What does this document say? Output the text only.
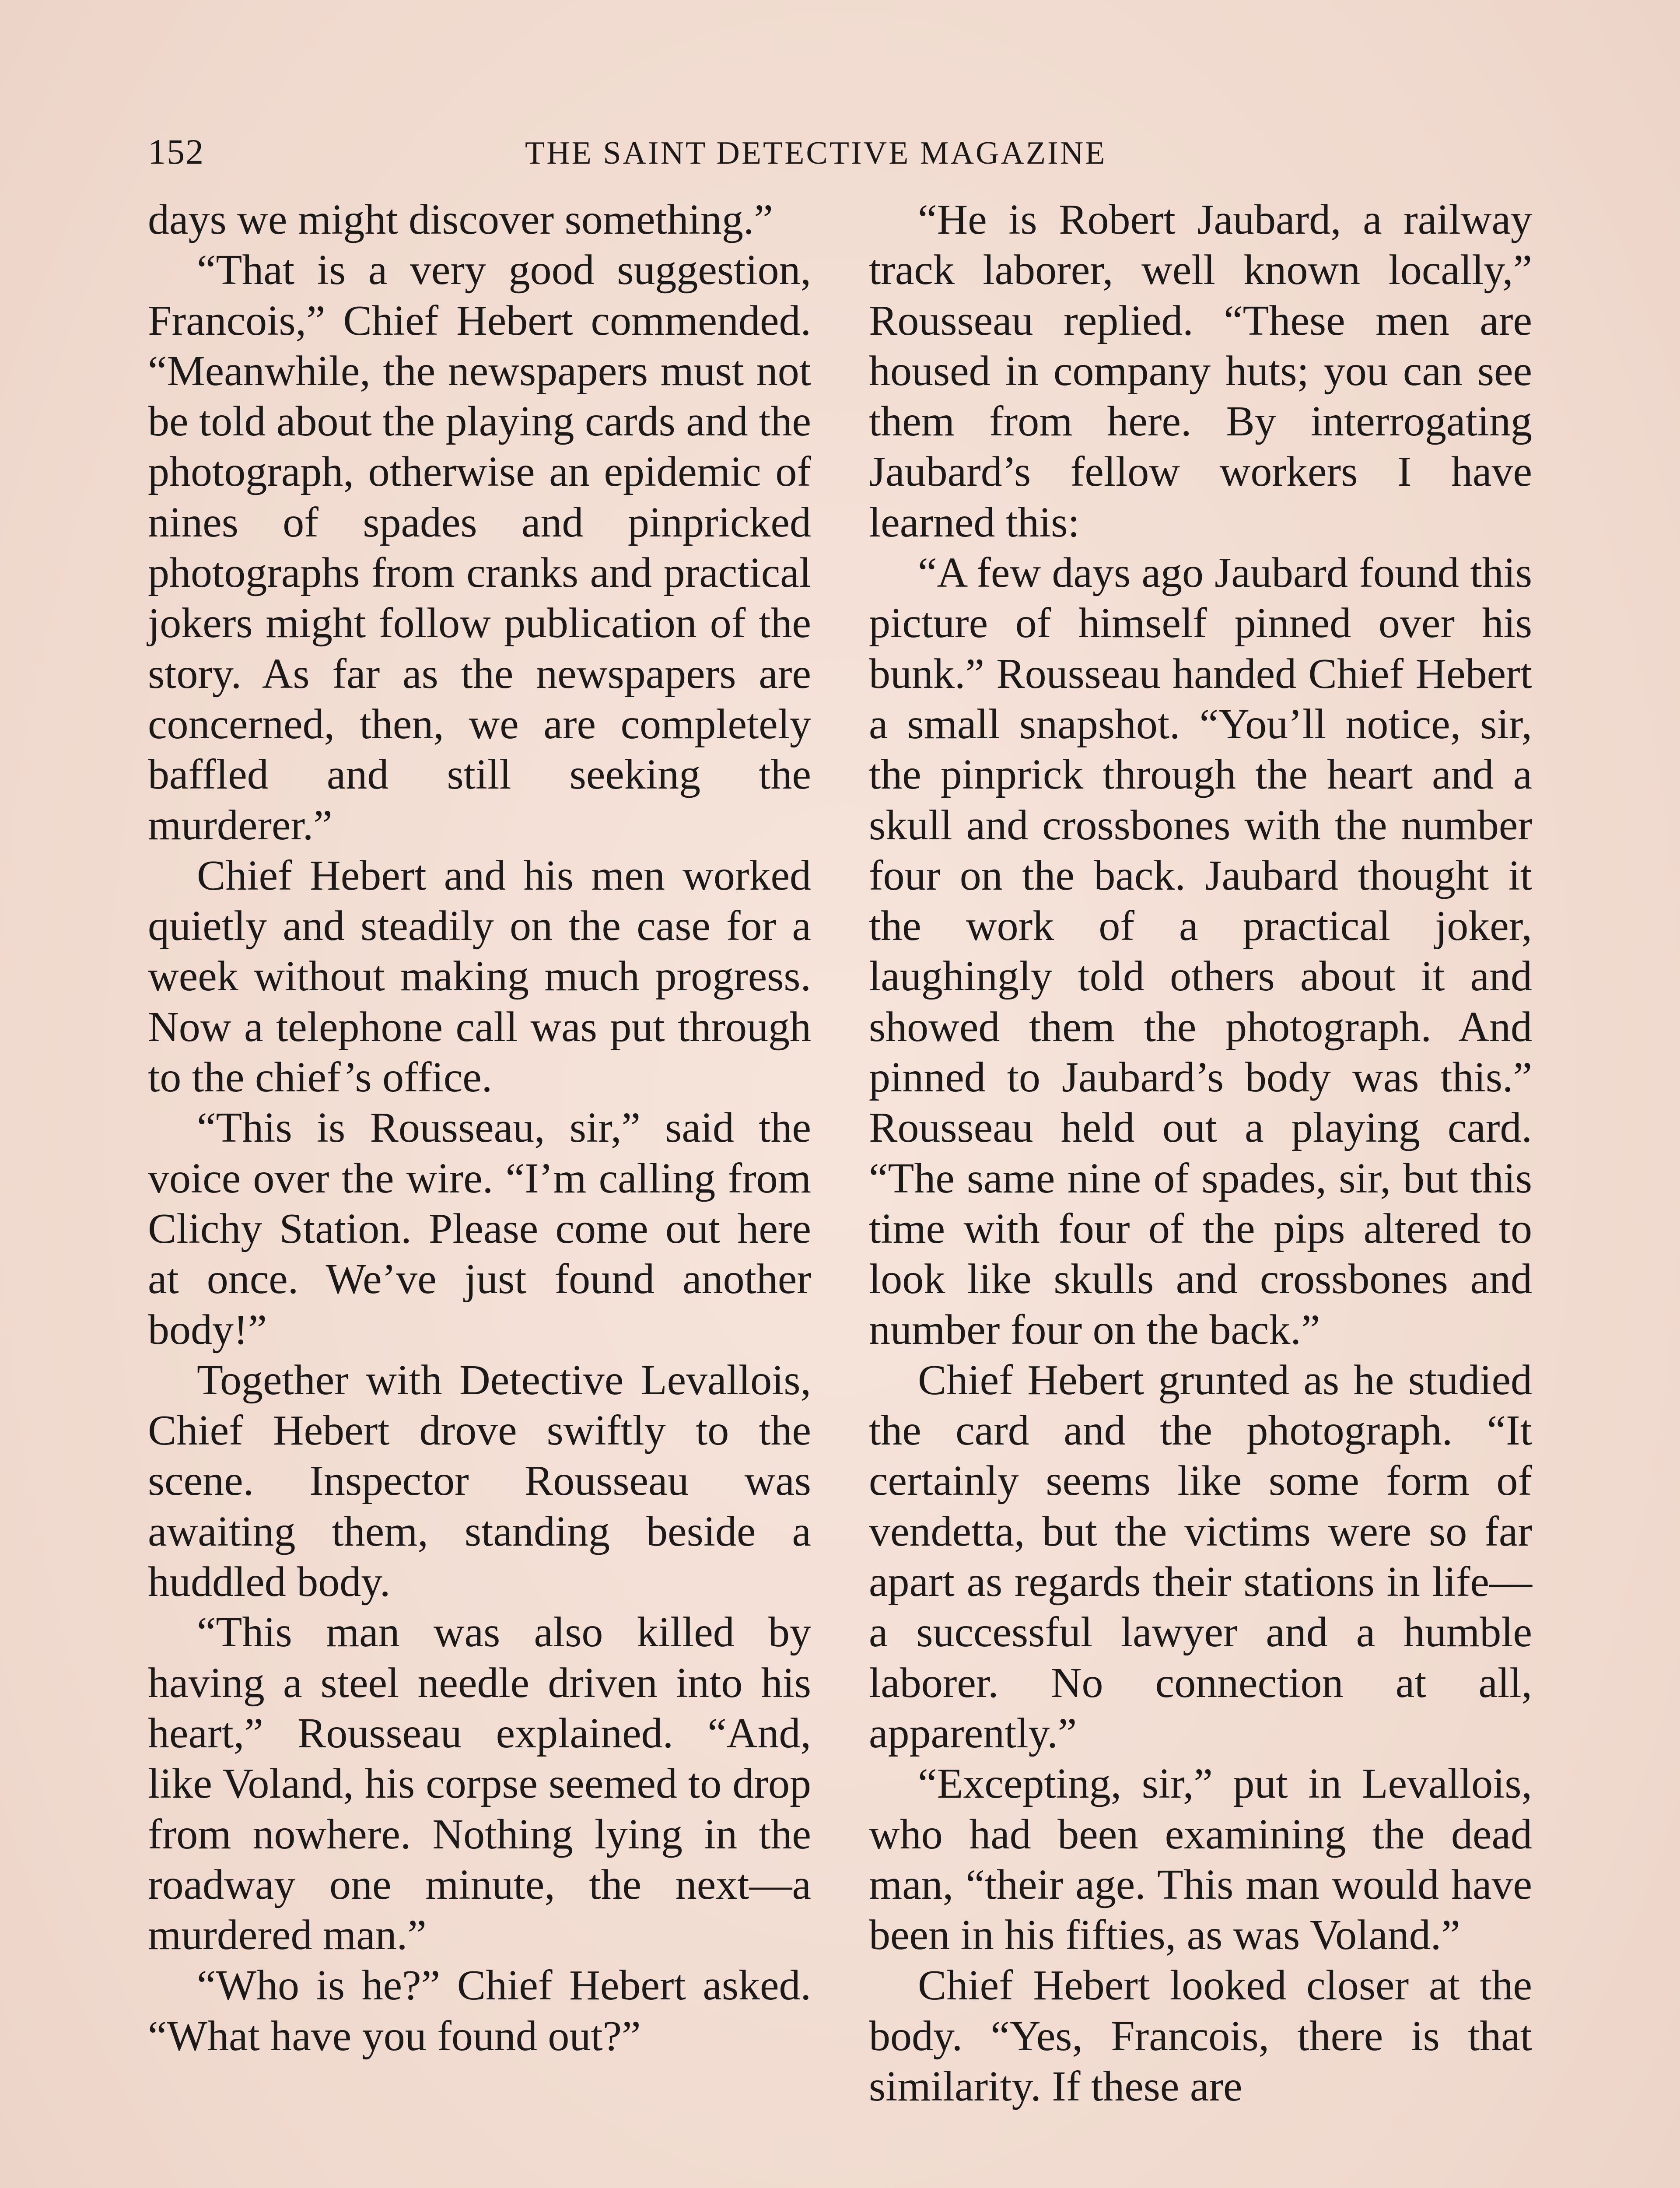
152	THE SAINT DETECTIVE MAGAZINE

days we might discover something.”

“That is a very good suggestion, Francois,” Chief Hebert commended. “Meanwhile, the newspapers must not be told about the playing cards and the photograph, otherwise an epidemic of nines of spades and pinpricked photographs from cranks and practical jokers might follow publication of the story. As far as the newspapers are concerned, then, we are completely baffled and still seeking the murderer.”

Chief Hebert and his men worked quietly and steadily on the case for a week without making much progress. Now a telephone call was put through to the chief’s office.

“This is Rousseau, sir,” said the voice over the wire. “I’m calling from Clichy Station. Please come out here at once. We’ve just found another body!”

Together with Detective Levallois, Chief Hebert drove swiftly to the scene. Inspector Rousseau was awaiting them, standing beside a huddled body.

“This man was also killed by having a steel needle driven into his heart,” Rousseau explained. “And, like Voland, his corpse seemed to drop from nowhere. Nothing lying in the roadway one minute, the next—a murdered man.”

“Who is he?” Chief Hebert asked. “What have you found out?”

“He is Robert Jaubard, a railway track laborer, well known locally,” Rousseau replied. “These men are housed in company huts; you can see them from here. By interrogating Jaubard’s fellow workers I have learned this:

“A few days ago Jaubard found this picture of himself pinned over his bunk.” Rousseau handed Chief Hebert a small snapshot. “You’ll notice, sir, the pinprick through the heart and a skull and crossbones with the number four on the back. Jaubard thought it the work of a practical joker, laughingly told others about it and showed them the photograph. And pinned to Jaubard’s body was this.” Rousseau held out a playing card. “The same nine of spades, sir, but this time with four of the pips altered to look like skulls and crossbones and number four on the back.”

Chief Hebert grunted as he studied the card and the photograph. “It certainly seems like some form of vendetta, but the victims were so far apart as regards their stations in life—a successful lawyer and a humble laborer. No connection at all, apparently.”

“Excepting, sir,” put in Levallois, who had been examining the dead man, “their age. This man would have been in his fifties, as was Voland.”

Chief Hebert looked closer at the body. “Yes, Francois, there is that similarity. If these are
